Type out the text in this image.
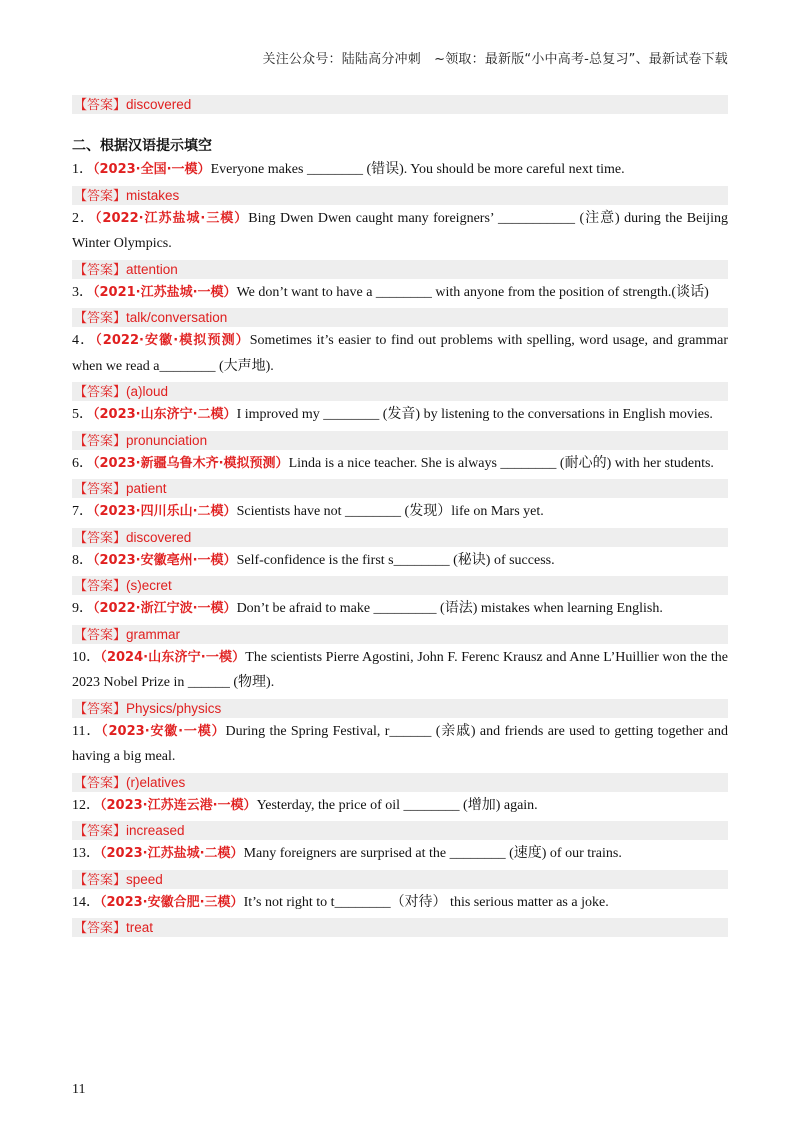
关注公众号：陆陆高分冲刺　~领取：最新版“小中高考-总复习”、最新试卷下载
【答案】discovered
二、根据汉语提示填空
1．（2023·全国·一模）Everyone makes ________ (错误). You should be more careful next time.
【答案】mistakes
2．（2022·江苏盐城·三模）Bing Dwen Dwen caught many foreigners’ ___________ (注意) during the Beijing Winter Olympics.
【答案】attention
3．（2021·江苏盐城·一模）We don’t want to have a ________ with anyone from the position of strength.(谈话)
【答案】talk/conversation
4．（2022·安徽·模拟预测）Sometimes it’s easier to find out problems with spelling, word usage, and grammar when we read a________ (大声地).
【答案】(a)loud
5．（2023·山东济宁·二模）I improved my ________ (发音) by listening to the conversations in English movies.
【答案】pronunciation
6．（2023·新疆乌鲁木齐·模拟预测）Linda is a nice teacher. She is always ________ (耐心的) with her students.
【答案】patient
7．（2023·四川乐山·二模）Scientists have not ________ (发现）life on Mars yet.
【答案】discovered
8．（2023·安徽亳州·一模）Self-confidence is the first s________ (秘诀) of success.
【答案】(s)ecret
9．（2022·浙江宁波·一模）Don’t be afraid to make _________ (语法) mistakes when learning English.
【答案】grammar
10．（2024·山东济宁·一模）The scientists Pierre Agostini, John F. Ferenc Krausz and Anne L’Huillier won the the 2023 Nobel Prize in ______ (物理).
【答案】Physics/physics
11．（2023·安徽·一模）During the Spring Festival, r______ (亲戚) and friends are used to getting together and having a big meal.
【答案】(r)elatives
12．（2023·江苏连云港·一模）Yesterday, the price of oil ________ (增加) again.
【答案】increased
13．（2023·江苏盐城·二模）Many foreigners are surprised at the ________ (速度) of our trains.
【答案】speed
14．（2023·安徽合肥·三模）It’s not right to t________（对待） this serious matter as a joke.
【答案】treat
11
